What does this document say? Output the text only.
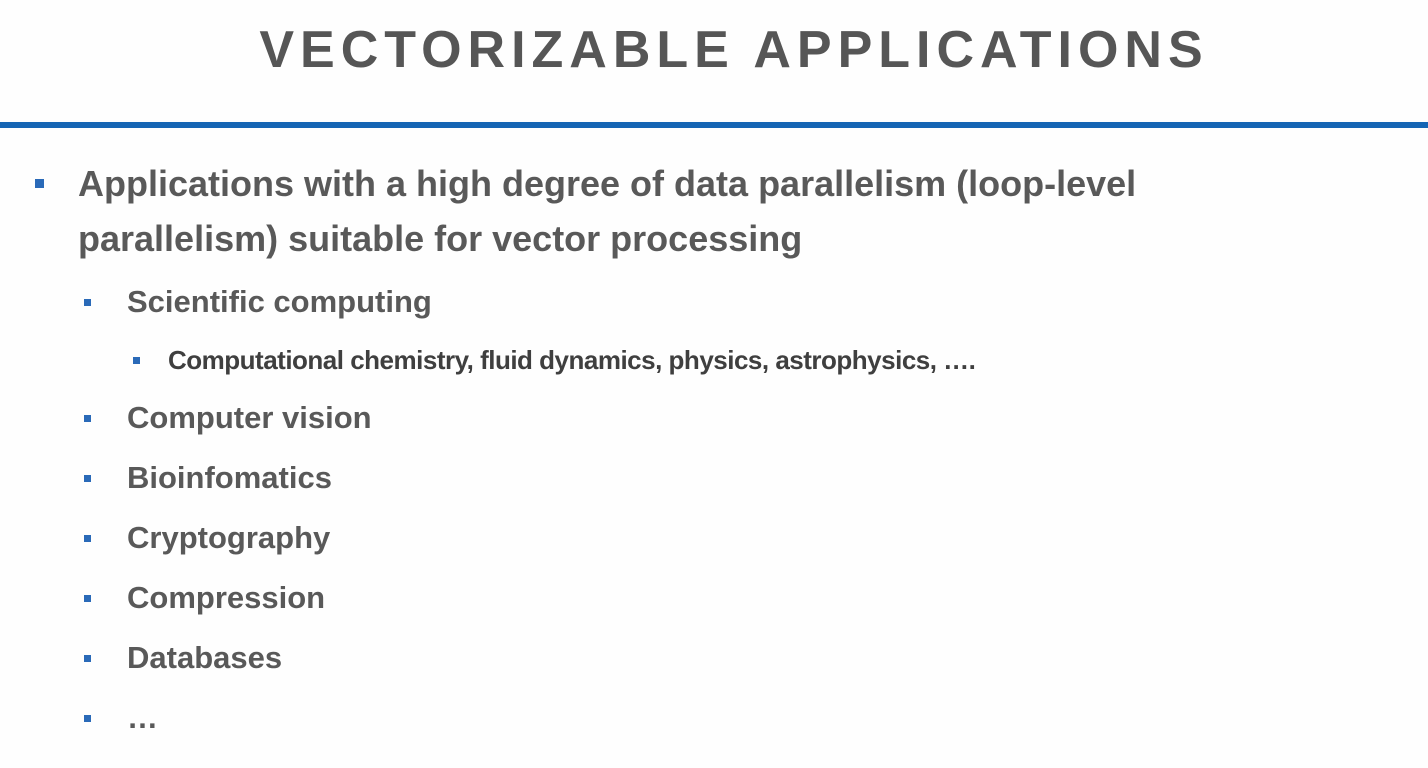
VECTORIZABLE APPLICATIONS
Applications with a high degree of data parallelism (loop-level
parallelism) suitable for vector processing
Scientific computing
Computational chemistry, fluid dynamics, physics, astrophysics, ….
Computer vision
Bioinfomatics
Cryptography
Compression
Databases
…
